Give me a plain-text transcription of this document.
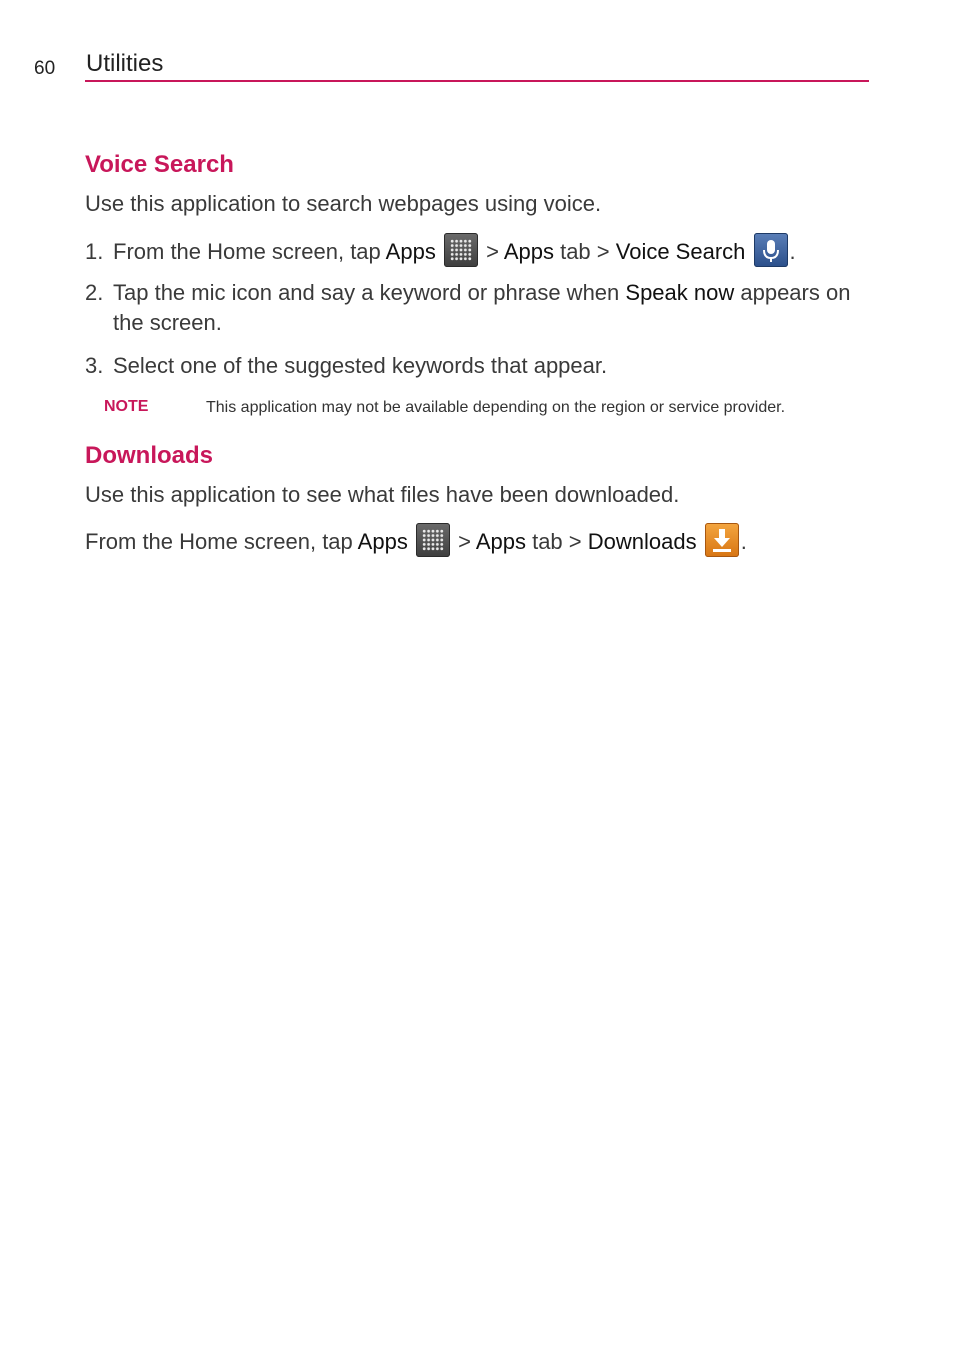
60 Utilities
Voice Search

Use this application to search webpages using voice.

1. From the Home screen, tap Apps
> Apps tab > Voice Search .
2. Tap the mic icon and say a keyword or phrase when Speak now appears on the screen.
3. Select one of the suggested keywords that appear.
NOTE	This application may not be available depending on the region or service provider.
Downloads

Use this application to see what files have been downloaded.

From the Home screen, tap Apps
> Apps tab > Downloads .
